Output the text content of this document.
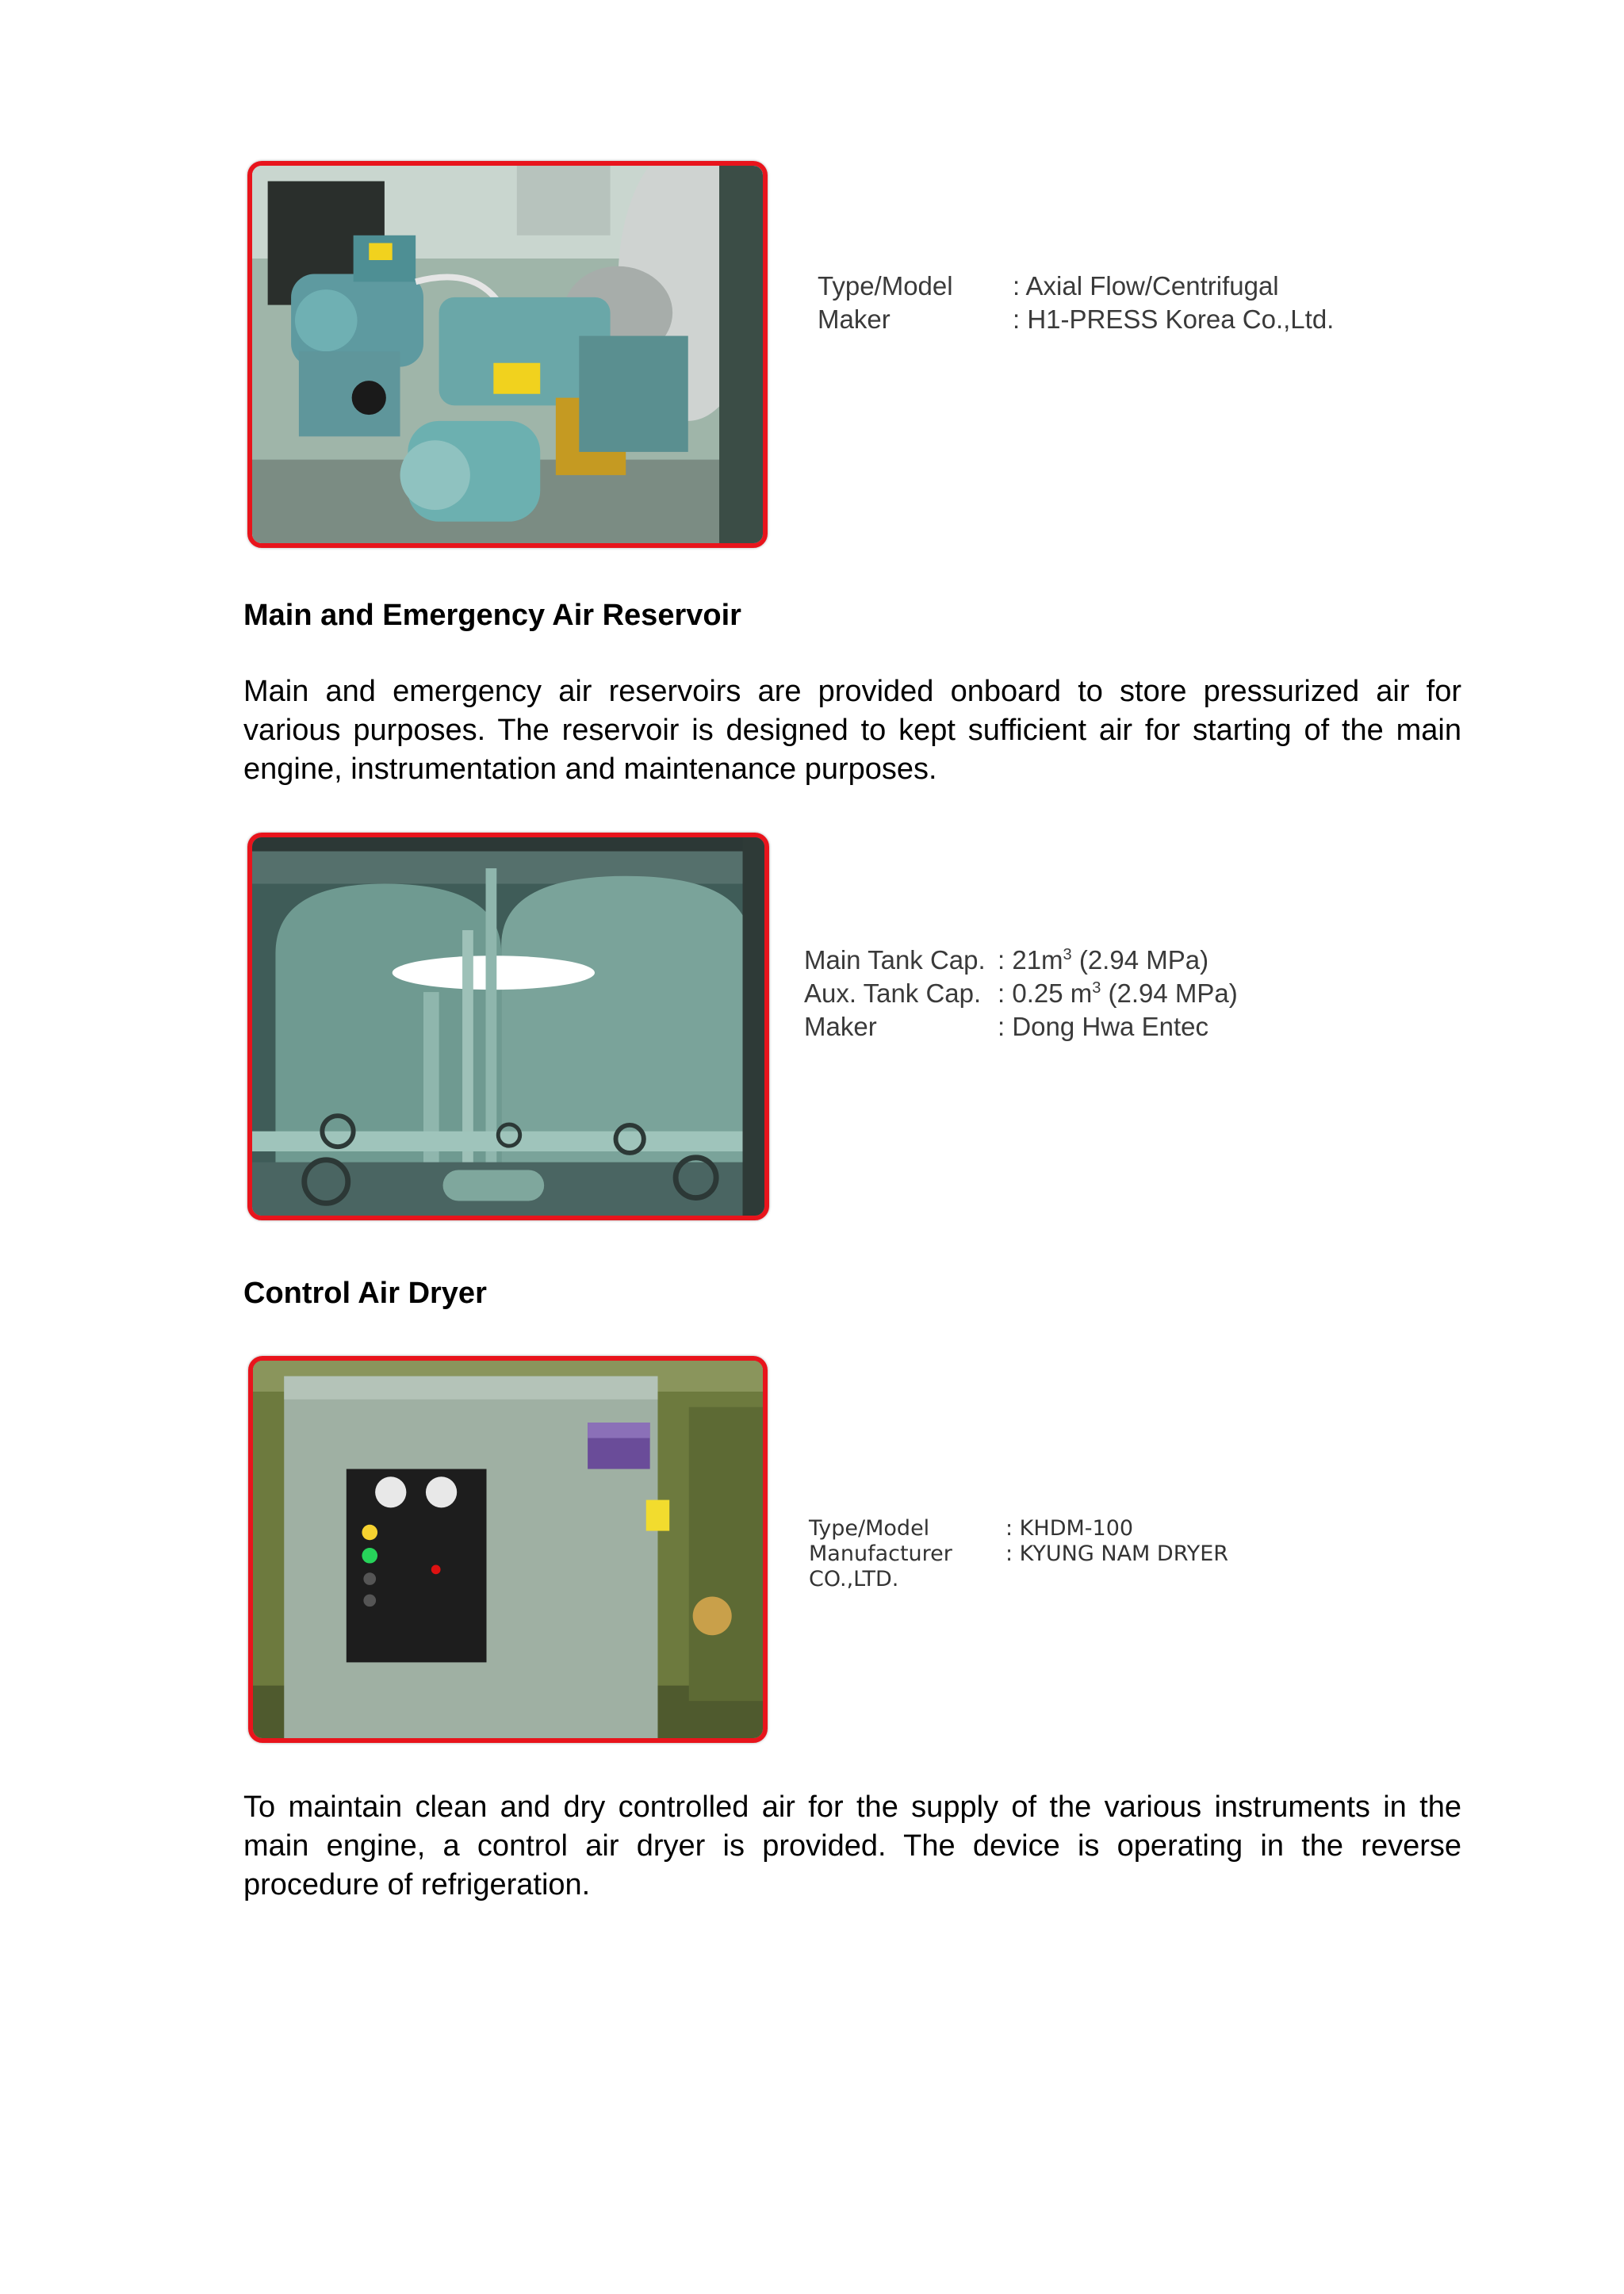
Type/Model	: Axial Flow/Centrifugal
Maker	: H1-PRESS Korea Co.,Ltd.
Main and Emergency Air Reservoir

Main and emergency air reservoirs are provided onboard to store pressurized air for various purposes. The reservoir is designed to kept sufficient air for starting of the main engine, instrumentation and maintenance purposes.

Main Tank Cap. : $21m^3$ (2.94 MPa)
Aux. Tank Cap. : 0.25 $m^3$ (2.94 MPa)
Maker	: Dong Hwa Entec
Control Air Dryer
Type/Model	: KHDM-100
Manufacturer	: KYUNG NAM DRYER
CO.,LTD.

To maintain clean and dry controlled air for the supply of the various instruments in the main engine, a control air dryer is provided. The device is operating in the reverse procedure of refrigeration.
